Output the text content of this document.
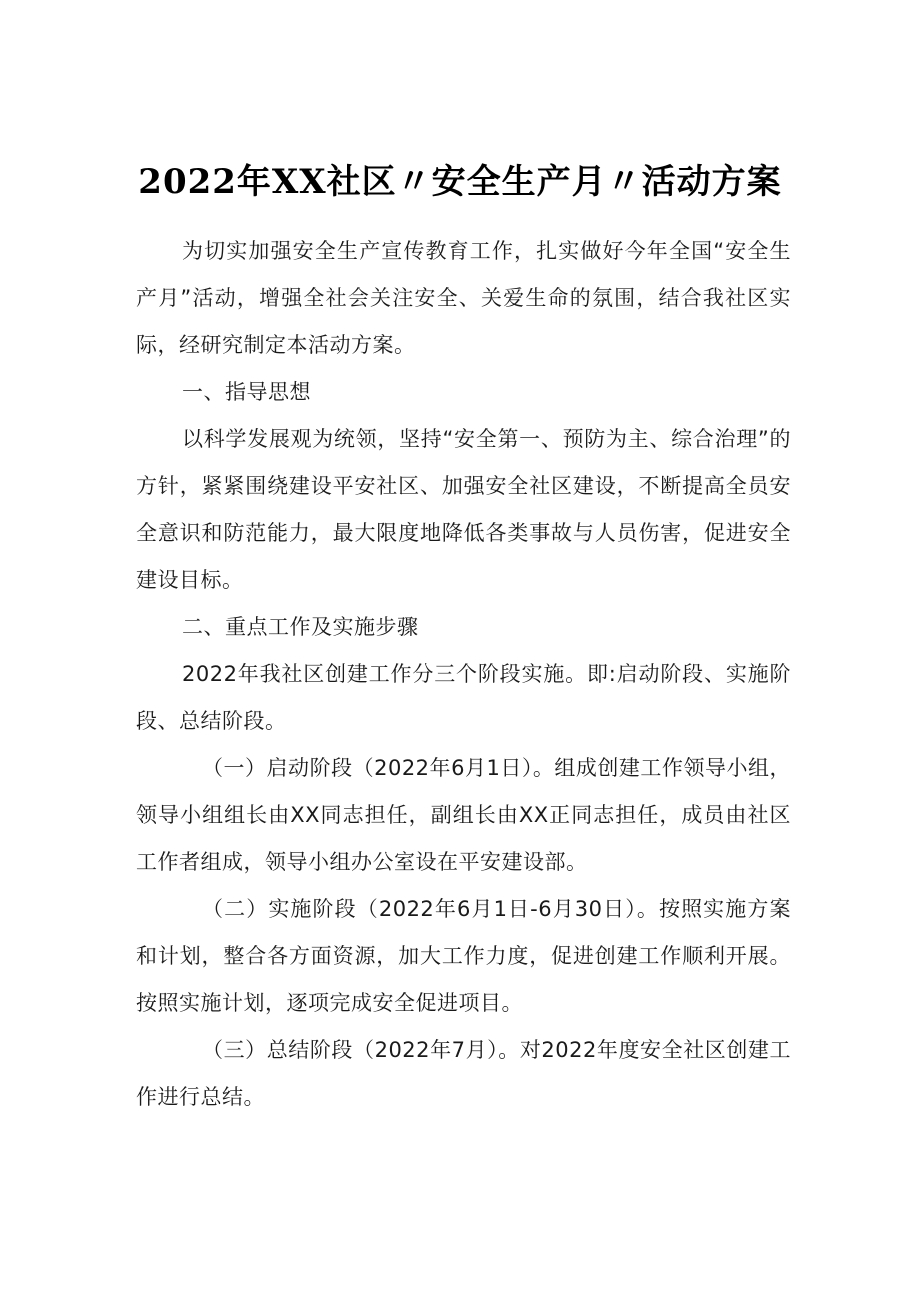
2022年XX社区〃安全生产月〃活动方案

为切实加强安全生产宣传教育工作，扎实做好今年全国“安全生产月”活动，增强全社会关注安全、关爱生命的氛围，结合我社区实际，经研究制定本活动方案。

一、指导思想

以科学发展观为统领，坚持“安全第一、预防为主、综合治理”的方针，紧紧围绕建设平安社区、加强安全社区建设，不断提高全员安全意识和防范能力，最大限度地降低各类事故与人员伤害，促进安全建设目标。

二、重点工作及实施步骤

2022年我社区创建工作分三个阶段实施。即:启动阶段、实施阶段、总结阶段。

（一）启动阶段（2022年6月1日）。组成创建工作领导小组，领导小组组长由XX同志担任，副组长由XX正同志担任，成员由社区工作者组成，领导小组办公室设在平安建设部。

（二）实施阶段（2022年6月1日-6月30日）。按照实施方案和计划，整合各方面资源，加大工作力度，促进创建工作顺利开展。按照实施计划，逐项完成安全促进项目。

（三）总结阶段（2022年7月）。对2022年度安全社区创建工作进行总结。
